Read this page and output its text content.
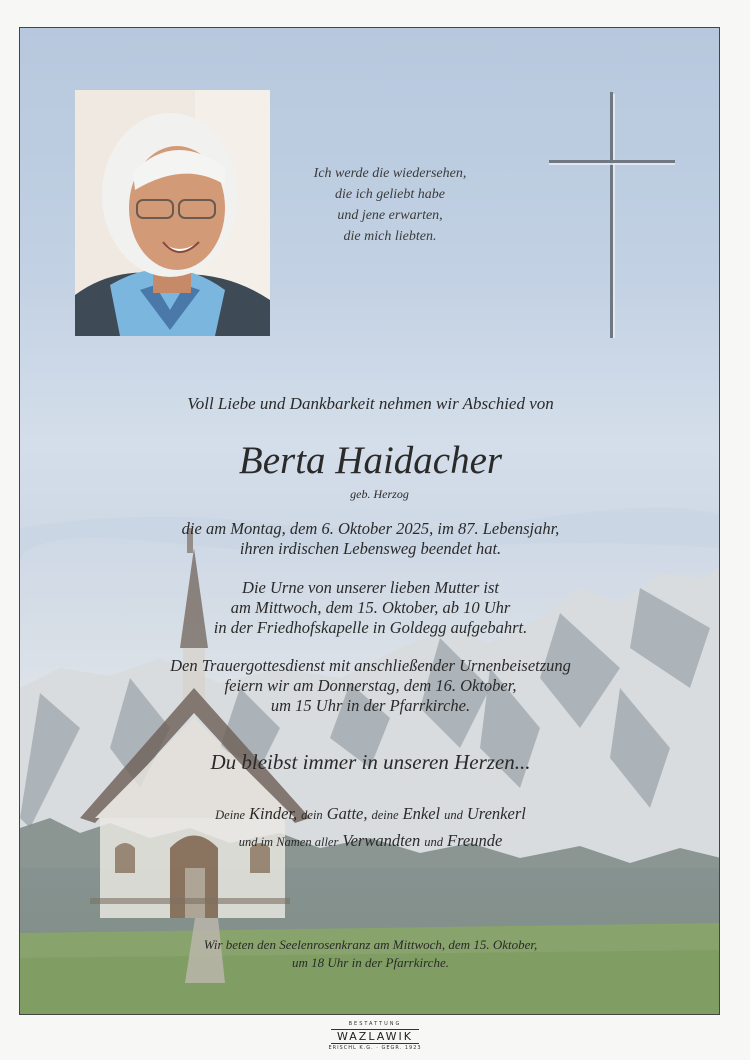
Ich werde die wiedersehen,
die ich geliebt habe
und jene erwarten,
die mich liebten.
Voll Liebe und Dankbarkeit nehmen wir Abschied von
Berta Haidacher
geb. Herzog
die am Montag, dem 6. Oktober 2025, im 87. Lebensjahr,
ihren irdischen Lebensweg beendet hat.
Die Urne von unserer lieben Mutter ist
am Mittwoch, dem 15. Oktober, ab 10 Uhr
in der Friedhofskapelle in Goldegg aufgebahrt.
Den Trauergottesdienst mit anschließender Urnenbeisetzung
feiern wir am Donnerstag, dem 16. Oktober,
um 15 Uhr in der Pfarrkirche.
Du bleibst immer in unseren Herzen...
Deine Kinder, dein Gatte, deine Enkel und Urenkerl
und im Namen aller Verwandten und Freunde
Wir beten den Seelenrosenkranz am Mittwoch, dem 15. Oktober,
um 18 Uhr in der Pfarrkirche.
BESTATTUNG
WAZLAWIK
ERISCHL K.G. · GEGR. 1923
